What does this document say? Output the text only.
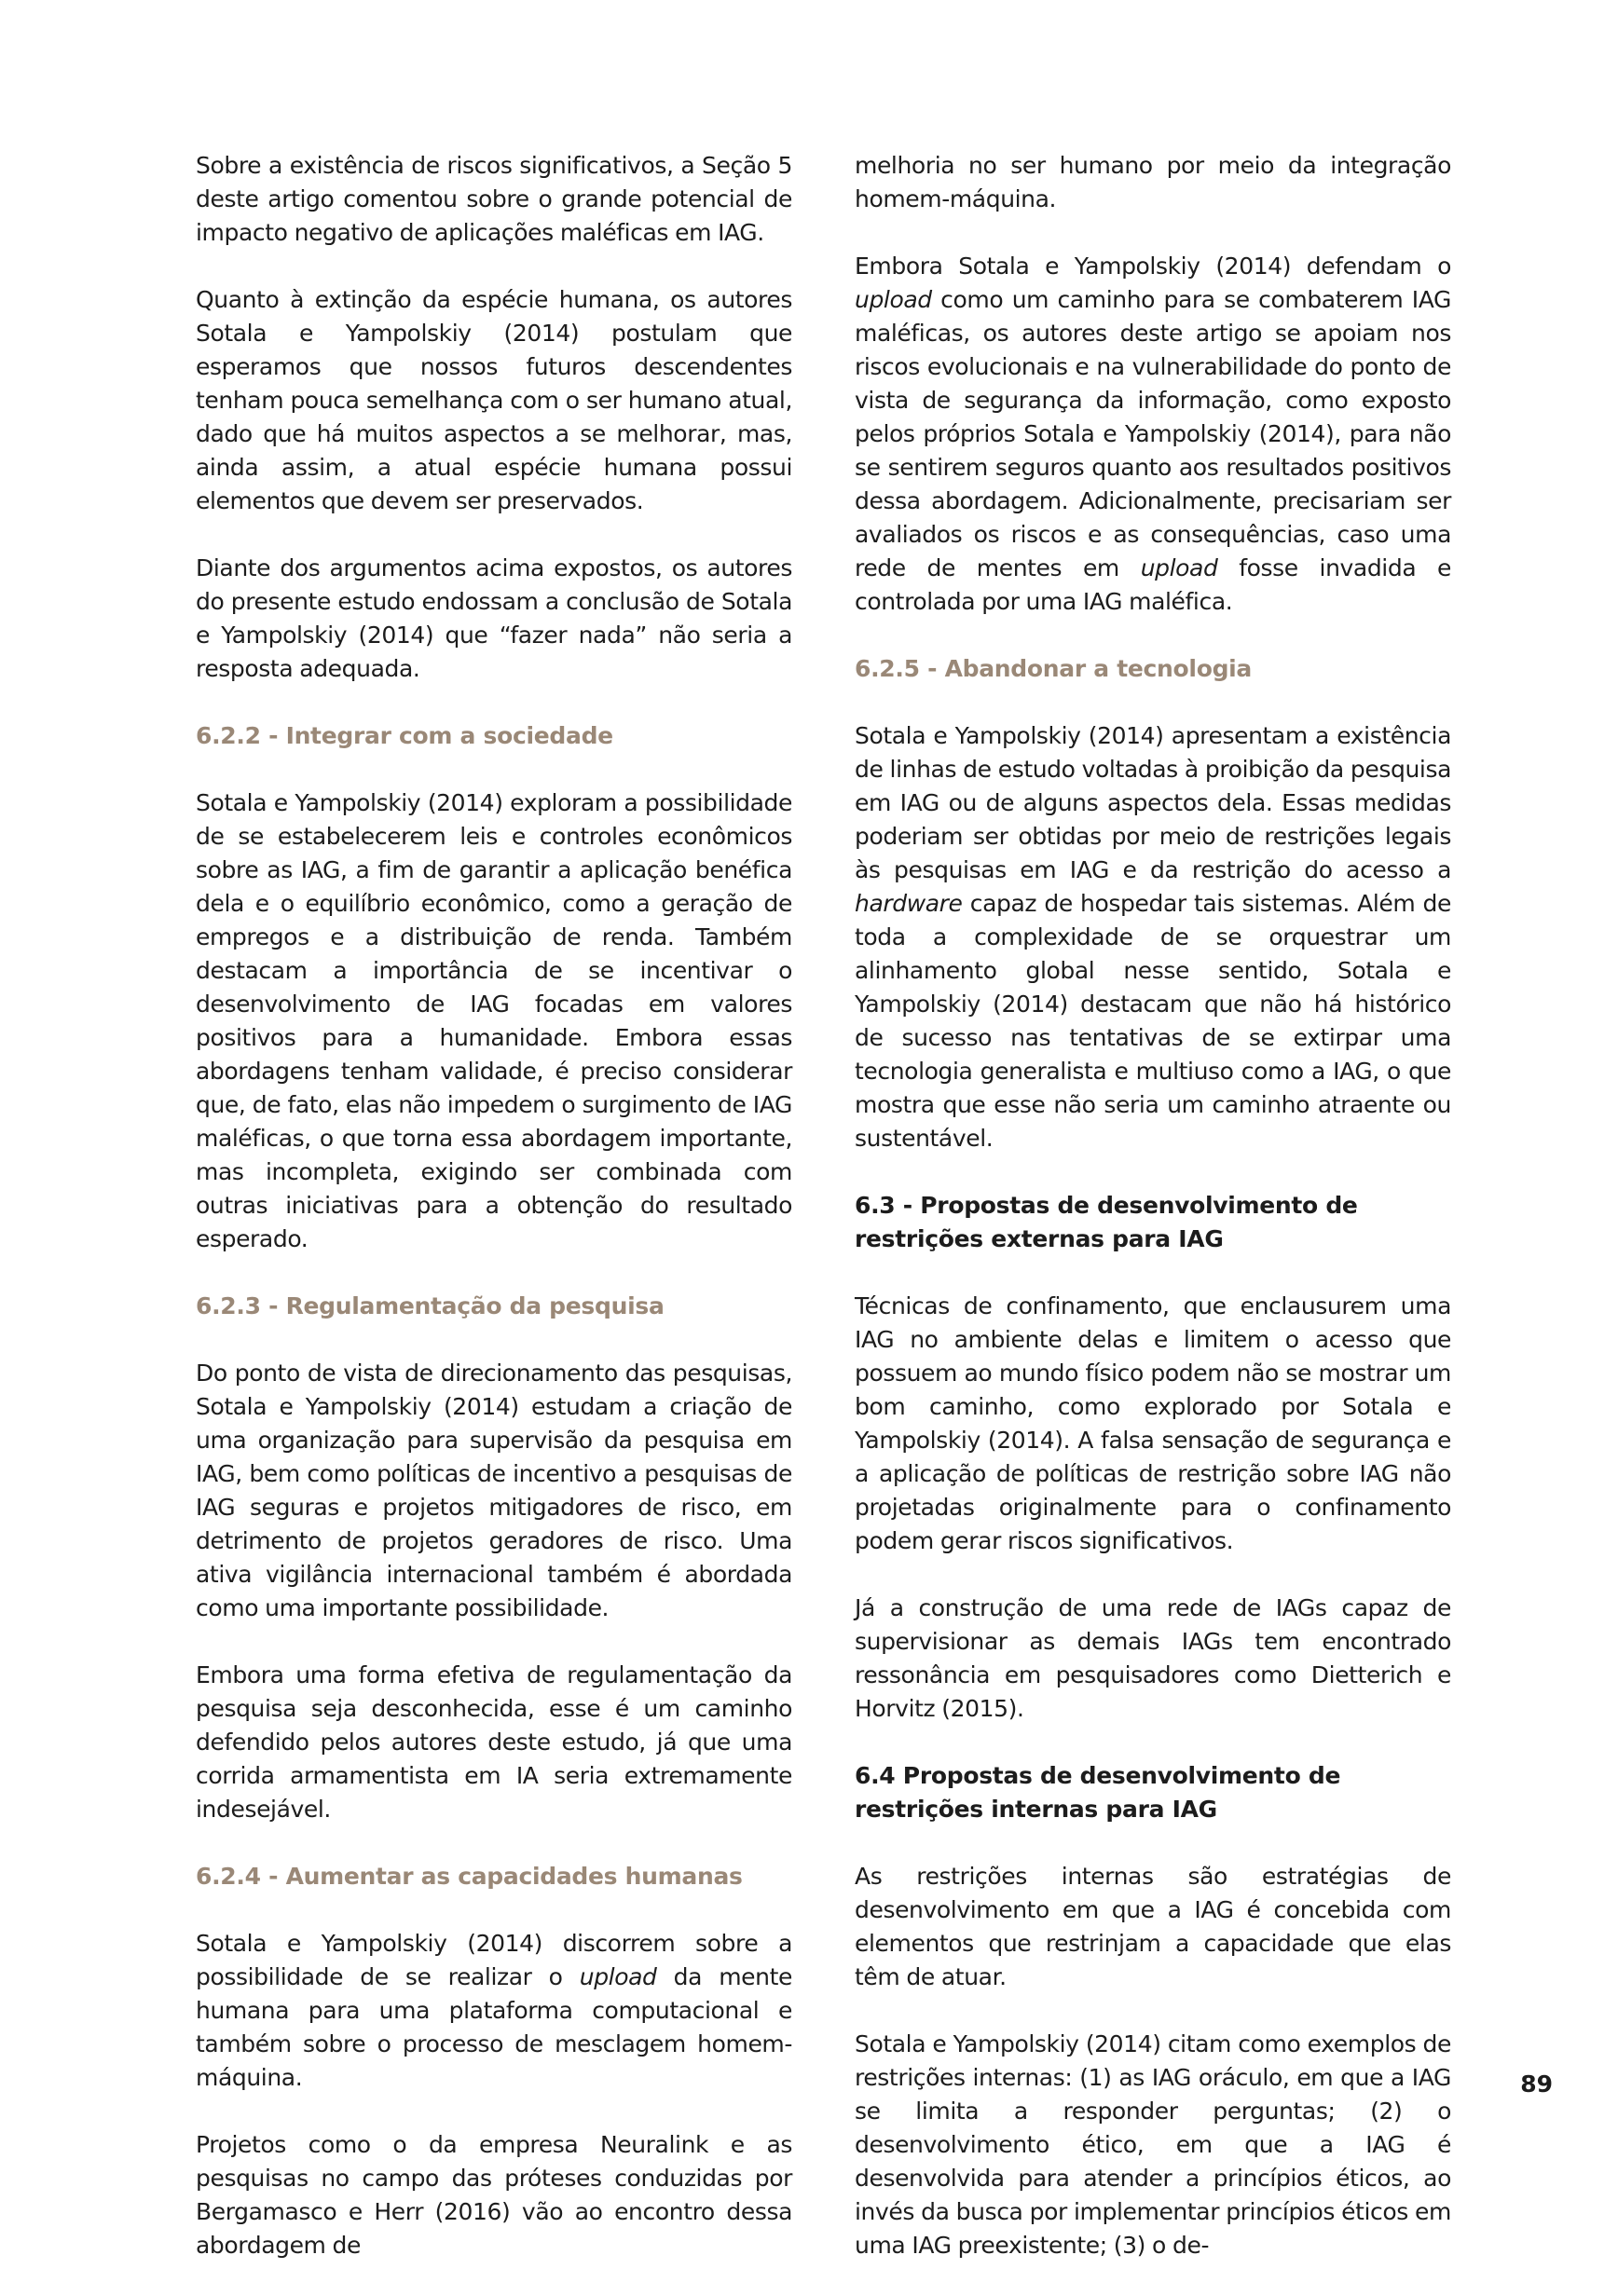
Sobre a existência de riscos significativos, a Seção 5 deste artigo comentou sobre o grande potencial de impacto negativo de aplicações maléficas em IAG.

Quanto à extinção da espécie humana, os autores Sotala e Yampolskiy (2014) postulam que esperamos que nossos futuros descendentes tenham pouca semelhança com o ser humano atual, dado que há muitos aspectos a se melhorar, mas, ainda assim, a atual espécie humana possui elementos que devem ser preservados.

Diante dos argumentos acima expostos, os autores do presente estudo endossam a conclusão de Sotala e Yampolskiy (2014) que “fazer nada” não seria a resposta adequada.

6.2.2 - Integrar com a sociedade

Sotala e Yampolskiy (2014) exploram a possibilidade de se estabelecerem leis e controles econômicos sobre as IAG, a fim de garantir a aplicação benéfica dela e o equilíbrio econômico, como a geração de empregos e a distribuição de renda. Também destacam a importância de se incentivar o desenvolvimento de IAG focadas em valores positivos para a humanidade. Embora essas abordagens tenham validade, é preciso considerar que, de fato, elas não impedem o surgimento de IAG maléficas, o que torna essa abordagem importante, mas incompleta, exigindo ser combinada com outras iniciativas para a obtenção do resultado esperado.

6.2.3 - Regulamentação da pesquisa

Do ponto de vista de direcionamento das pesquisas, Sotala e Yampolskiy (2014) estudam a criação de uma organização para supervisão da pesquisa em IAG, bem como políticas de incentivo a pesquisas de IAG seguras e projetos mitigadores de risco, em detrimento de projetos geradores de risco. Uma ativa vigilância internacional também é abordada como uma importante possibilidade.

Embora uma forma efetiva de regulamentação da pesquisa seja desconhecida, esse é um caminho defendido pelos autores deste estudo, já que uma corrida armamentista em IA seria extremamente indesejável.

6.2.4 - Aumentar as capacidades humanas

Sotala e Yampolskiy (2014) discorrem sobre a possibilidade de se realizar o upload da mente humana para uma plataforma computacional e também sobre o processo de mesclagem homem-máquina.

Projetos como o da empresa Neuralink e as pesquisas no campo das próteses conduzidas por Bergamasco e Herr (2016) vão ao encontro dessa abordagem de

melhoria no ser humano por meio da integração homem-máquina.

Embora Sotala e Yampolskiy (2014) defendam o upload como um caminho para se combaterem IAG maléficas, os autores deste artigo se apoiam nos riscos evolucionais e na vulnerabilidade do ponto de vista de segurança da informação, como exposto pelos próprios Sotala e Yampolskiy (2014), para não se sentirem seguros quanto aos resultados positivos dessa abordagem. Adicionalmente, precisariam ser avaliados os riscos e as consequências, caso uma rede de mentes em upload fosse invadida e controlada por uma IAG maléfica.

6.2.5 - Abandonar a tecnologia

Sotala e Yampolskiy (2014) apresentam a existência de linhas de estudo voltadas à proibição da pesquisa em IAG ou de alguns aspectos dela. Essas medidas poderiam ser obtidas por meio de restrições legais às pesquisas em IAG e da restrição do acesso a hardware capaz de hospedar tais sistemas. Além de toda a complexidade de se orquestrar um alinhamento global nesse sentido, Sotala e Yampolskiy (2014) destacam que não há histórico de sucesso nas tentativas de se extirpar uma tecnologia generalista e multiuso como a IAG, o que mostra que esse não seria um caminho atraente ou sustentável.

6.3 - Propostas de desenvolvimento de restrições externas para IAG

Técnicas de confinamento, que enclausurem uma IAG no ambiente delas e limitem o acesso que possuem ao mundo físico podem não se mostrar um bom caminho, como explorado por Sotala e Yampolskiy (2014). A falsa sensação de segurança e a aplicação de políticas de restrição sobre IAG não projetadas originalmente para o confinamento podem gerar riscos significativos.

Já a construção de uma rede de IAGs capaz de supervisionar as demais IAGs tem encontrado ressonância em pesquisadores como Dietterich e Horvitz (2015).

6.4 Propostas de desenvolvimento de restrições internas para IAG

As restrições internas são estratégias de desenvolvimento em que a IAG é concebida com elementos que restrinjam a capacidade que elas têm de atuar.

Sotala e Yampolskiy (2014) citam como exemplos de restrições internas: (1) as IAG oráculo, em que a IAG se limita a responder perguntas; (2) o desenvolvimento ético, em que a IAG é desenvolvida para atender a princípios éticos, ao invés da busca por implementar princípios éticos em uma IAG preexistente; (3) o de-

89
